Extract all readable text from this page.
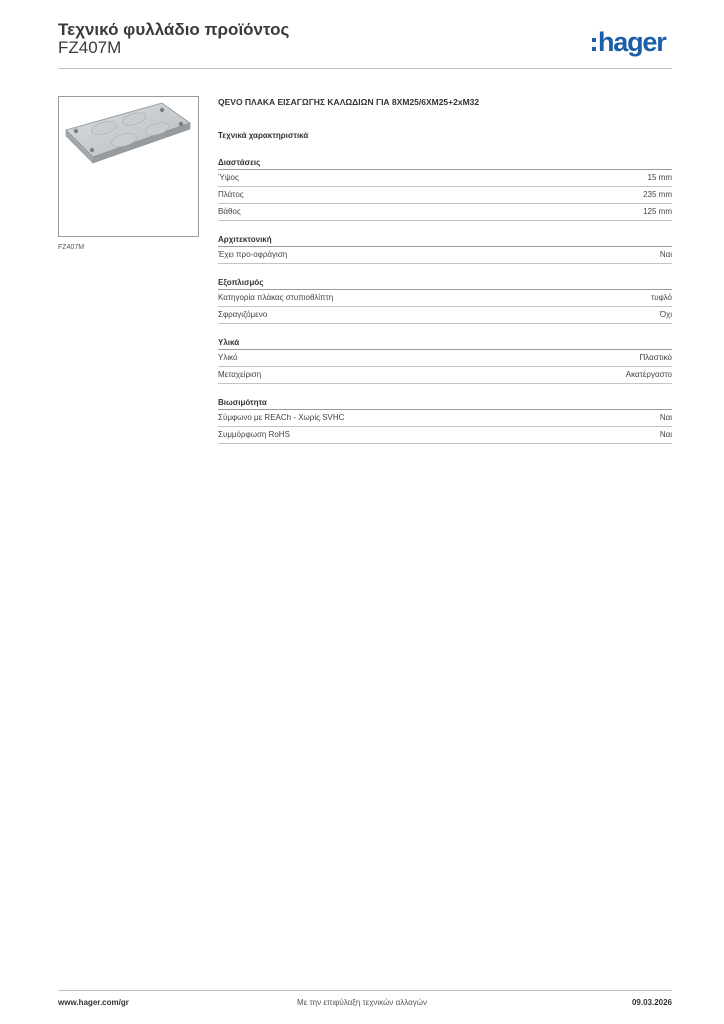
Τεχνικό φυλλάδιο προϊόντος
FZ407M	hager
FZ407M
QEVO ΠΛΑΚΑ ΕΙΣΑΓΩΓΗΣ ΚΑΛΩΔΙΩΝ ΓΙΑ 8XM25/6XM25+2xM32
Τεχνικά χαρακτηριστικά
Διαστάσεις
Ύψος	15 mm
Πλάτος	235 mm
Βάθος	125 mm
Αρχιτεκτονική
Έχει προ-οφράγιση	Ναι
Εξοπλισμός
Κατηγορία πλάκας στυπιοθλίπτη	τυφλό
Σφραγιζόμενο	Όχι
Υλικά
Υλικό	Πλαστικό
Μεταχείριση	Ακατέργαστο
Βιωσιμότητα
Σύμφωνο με REACh - Χωρίς SVHC	Ναι
Συμμόρφωση RoHS	Ναι
Με την επιφύλαξη τεχνικών αλλαγών
www.hager.com/gr	09.03.2026
